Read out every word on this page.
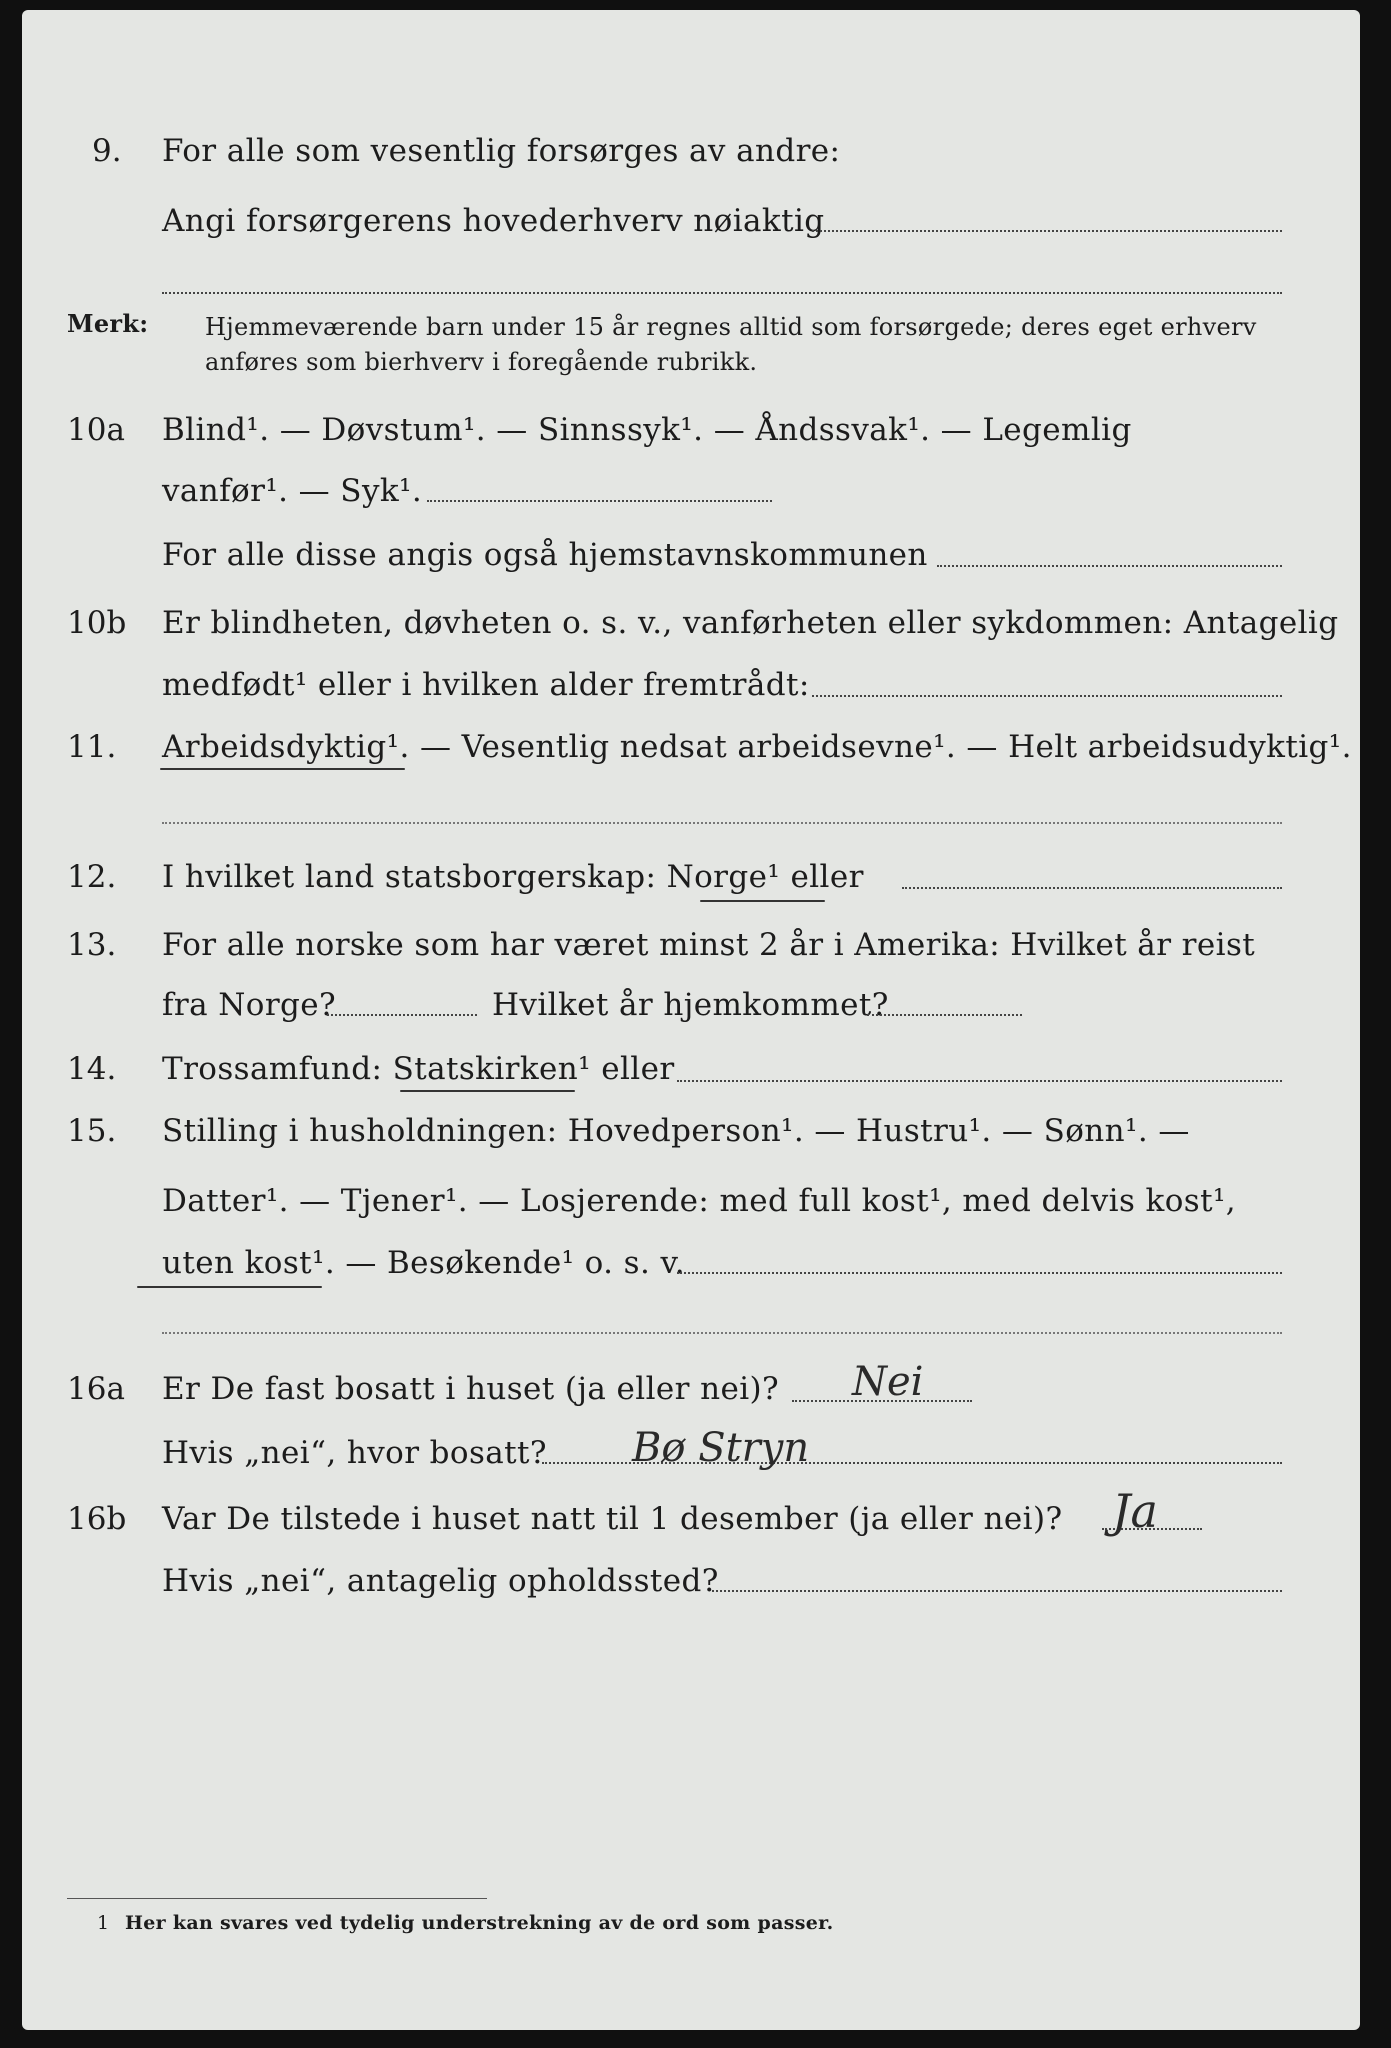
9. For alle som vesentlig forsørges av andre:
Angi forsørgerens hovederhverv nøiaktig
Merk: Hjemmeværende barn under 15 år regnes alltid som forsørgede; deres eget erhverv
anføres som bierhverv i foregående rubrikk.
10a Blind¹. — Døvstum¹. — Sinnssyk¹. — Åndssvak¹. — Legemlig
vanfør¹. — Syk¹.
For alle disse angis også hjemstavnskommunen
10b Er blindheten, døvheten o. s. v., vanførheten eller sykdommen: Antagelig
medfødt¹ eller i hvilken alder fremtrådt:
11. Arbeidsdyktig¹. — Vesentlig nedsat arbeidsevne¹. — Helt arbeidsudyktig¹.
12. I hvilket land statsborgerskap: Norge¹ eller
13. For alle norske som har været minst 2 år i Amerika: Hvilket år reist
fra Norge?	Hvilket år hjemkommet?
14. Trossamfund: Statskirken¹ eller
15. Stilling i husholdningen: Hovedperson¹. — Hustru¹. — Sønn¹. —
Datter¹. — Tjener¹. — Losjerende: med full kost¹, med delvis kost¹,
uten kost¹. — Besøkende¹ o. s. v.
16a Er De fast bosatt i huset (ja eller nei)? Nei
Hvis „nei“, hvor bosatt? Bø Stryn
16b Var De tilstede i huset natt til 1 desember (ja eller nei)? Ja
Hvis „nei“, antagelig opholdssted?
1 Her kan svares ved tydelig understrekning av de ord som passer.
